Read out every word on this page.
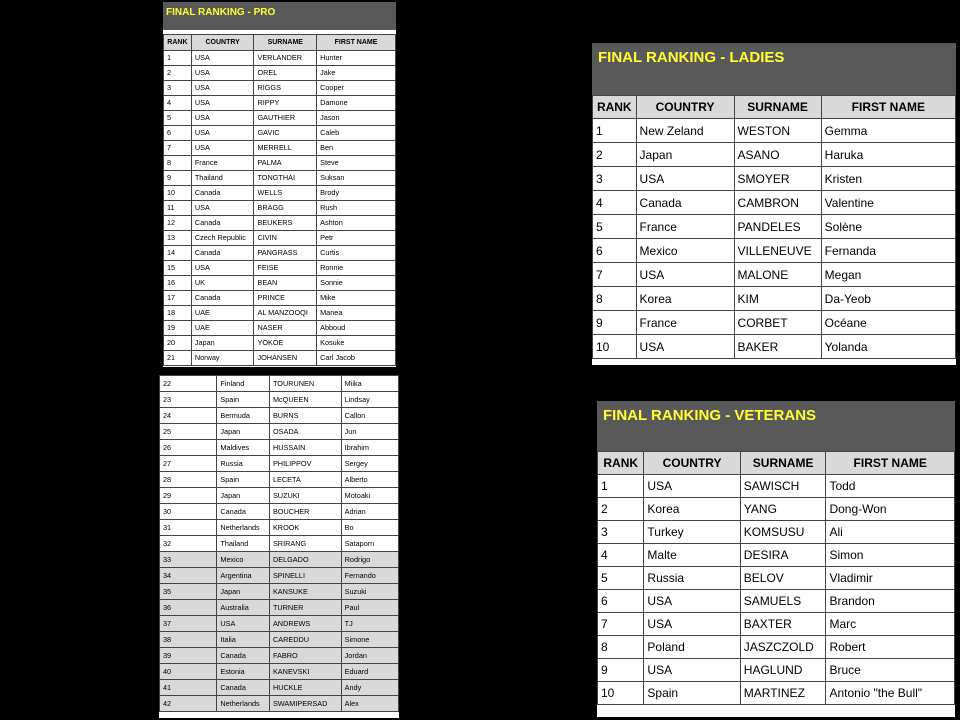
FINAL RANKING - PRO
RANK	COUNTRY	SURNAME	FIRST NAME
1	USA	VERLANDER	Hunter
2	USA	OREL	Jake
3	USA	RIGGS	Cooper
4	USA	RIPPY	Damone
5	USA	GAUTHIER	Jason
6	USA	GAVIC	Caleb
7	USA	MERRELL	Ben
8	France	PALMA	Steve
9	Thailand	TONGTHAI	Suksan
10	Canada	WELLS	Brody
11	USA	BRAGG	Rush
12	Canada	BEUKERS	Ashton
13	Czech Republic	CIVIN	Petr
14	Canada	PANGRASS	Curtis
15	USA	FEISE	Ronnie
16	UK	BEAN	Sonnie
17	Canada	PRINCE	Mike
18	UAE	AL MANZOOQI	Manea
19	UAE	NASER	Abboud
20	Japan	YOKOE	Kosuke
21	Norway	JOHANSEN	Carl Jacob
22	Finland	TOURUNEN	Miika
23	Spain	McQUEEN	Lindsay
24	Bermuda	BURNS	Callon
25	Japan	OSADA	Jun
26	Maldives	HUSSAIN	Ibrahim
27	Russia	PHILIPPOV	Sergey
28	Spain	LECETA	Alberto
29	Japan	SUZUKI	Motoaki
30	Canada	BOUCHER	Adrian
31	Netherlands	KROOK	Bo
32	Thailand	SRIRANG	Sataporn
33	Mexico	DELGADO	Rodrigo
34	Argentina	SPINELLI	Fernando
35	Japan	KANSUKE	Suzuki
36	Australia	TURNER	Paul
37	USA	ANDREWS	TJ
38	Italia	CAREDDU	Simone
39	Canada	FABRO	Jordan
40	Estonia	KANEVSKI	Eduard
41	Canada	HUCKLE	Andy
42	Netherlands	SWAMIPERSAD	Alex
FINAL RANKING - LADIES
RANK	COUNTRY	SURNAME	FIRST NAME
1	New Zeland	WESTON	Gemma
2	Japan	ASANO	Haruka
3	USA	SMOYER	Kristen
4	Canada	CAMBRON	Valentine
5	France	PANDELES	Solène
6	Mexico	VILLENEUVE	Fernanda
7	USA	MALONE	Megan
8	Korea	KIM	Da-Yeob
9	France	CORBET	Océane
10	USA	BAKER	Yolanda
FINAL RANKING - VETERANS
RANK	COUNTRY	SURNAME	FIRST NAME
1	USA	SAWISCH	Todd
2	Korea	YANG	Dong-Won
3	Turkey	KOMSUSU	Ali
4	Malte	DESIRA	Simon
5	Russia	BELOV	Vladimir
6	USA	SAMUELS	Brandon
7	USA	BAXTER	Marc
8	Poland	JASZCZOLD	Robert
9	USA	HAGLUND	Bruce
10	Spain	MARTINEZ	Antonio "the Bull"
